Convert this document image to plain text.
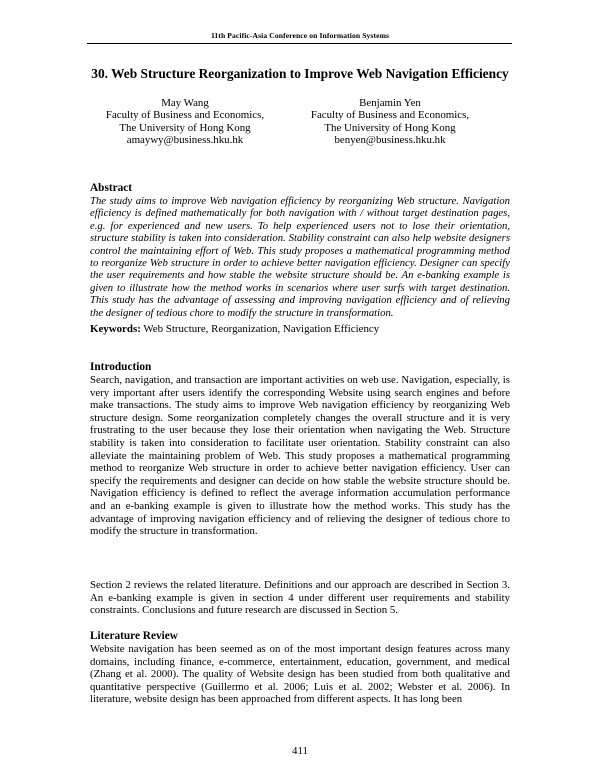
11th Pacific-Asia Conference on Information Systems
30. Web Structure Reorganization to Improve Web Navigation Efficiency
May Wang
Faculty of Business and Economics,
The University of Hong Kong
amaywy@business.hku.hk
Benjamin Yen
Faculty of Business and Economics,
The University of Hong Kong
benyen@business.hku.hk
Abstract
The study aims to improve Web navigation efficiency by reorganizing Web structure. Navigation efficiency is defined mathematically for both navigation with / without target destination pages, e.g. for experienced and new users. To help experienced users not to lose their orientation, structure stability is taken into consideration. Stability constraint can also help website designers control the maintaining effort of Web. This study proposes a mathematical programming method to reorganize Web structure in order to achieve better navigation efficiency. Designer can specify the user requirements and how stable the website structure should be. An e-banking example is given to illustrate how the method works in scenarios where user surfs with target destination. This study has the advantage of assessing and improving navigation efficiency and of relieving the designer of tedious chore to modify the structure in transformation.
Keywords: Web Structure, Reorganization, Navigation Efficiency
Introduction
Search, navigation, and transaction are important activities on web use. Navigation, especially, is very important after users identify the corresponding Website using search engines and before make transactions. The study aims to improve Web navigation efficiency by reorganizing Web structure design. Some reorganization completely changes the overall structure and it is very frustrating to the user because they lose their orientation when navigating the Web. Structure stability is taken into consideration to facilitate user orientation. Stability constraint can also alleviate the maintaining problem of Web. This study proposes a mathematical programming method to reorganize Web structure in order to achieve better navigation efficiency. User can specify the requirements and designer can decide on how stable the website structure should be. Navigation efficiency is defined to reflect the average information accumulation performance and an e-banking example is given to illustrate how the method works. This study has the advantage of improving navigation efficiency and of relieving the designer of tedious chore to modify the structure in transformation.
Section 2 reviews the related literature. Definitions and our approach are described in Section 3. An e-banking example is given in section 4 under different user requirements and stability constraints. Conclusions and future research are discussed in Section 5.
Literature Review
Website navigation has been seemed as on of the most important design features across many domains, including finance, e-commerce, entertainment, education, government, and medical (Zhang et al. 2000). The quality of Website design has been studied from both qualitative and quantitative perspective (Guillermo et al. 2006; Luis et al. 2002; Webster et al. 2006). In literature, website design has been approached from different aspects. It has long been
411
